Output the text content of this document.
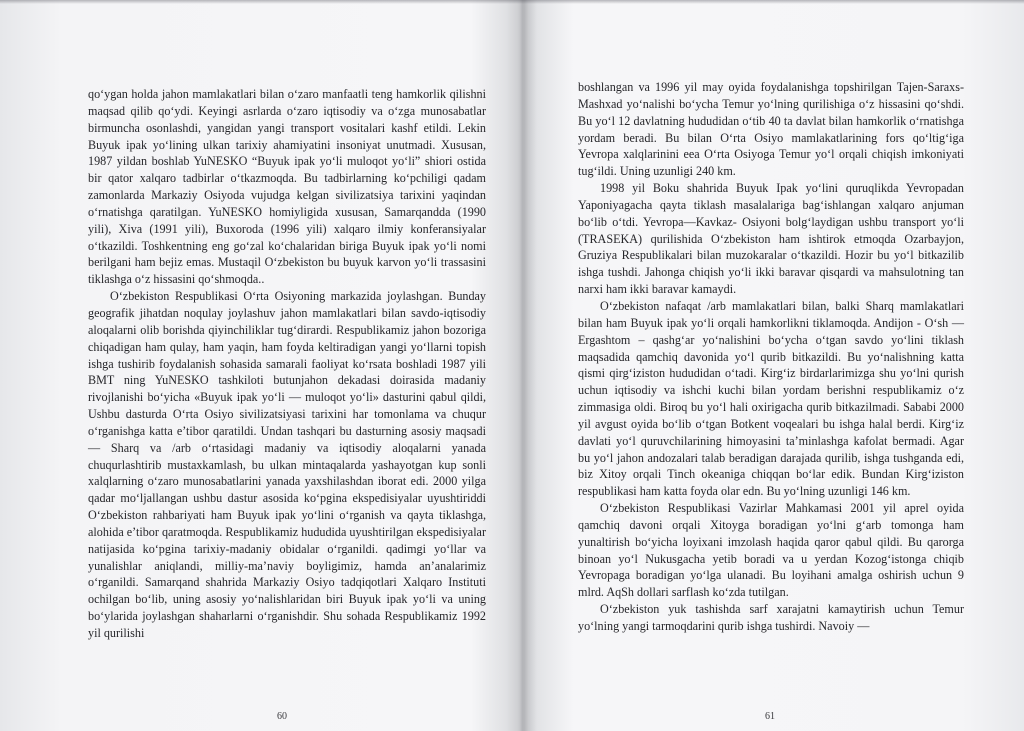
qo‘ygan holda jahon mamlakatlari bilan o‘zaro manfaatli teng hamkorlik qilishni maqsad qilib qo‘ydi. Keyingi asrlarda o‘zaro iqtisodiy va o‘zga munosabatlar birmuncha osonlashdi, yangidan yangi transport vositalari kashf etildi. Lekin Buyuk ipak yo‘lining ulkan tarixiy ahamiyatini insoniyat unutmadi. Xususan, 1987 yildan boshlab YuNESKO “Buyuk ipak yo‘li muloqot yo‘li” shiori ostida bir qator xalqaro tadbirlar o‘tkazmoqda. Bu tadbirlarning ko‘pchiligi qadam zamonlarda Markaziy Osiyoda vujudga kelgan sivilizatsiya tarixini yaqindan o‘rnatishga qaratilgan. YuNESKO homiyligida xususan, Samarqandda (1990 yili), Xiva (1991 yili), Buxoroda (1996 yili) xalqaro ilmiy konferansiyalar o‘tkazildi. Toshkentning eng go‘zal ko‘chalaridan biriga Buyuk ipak yo‘li nomi berilgani ham bejiz emas. Mustaqil O‘zbekiston bu buyuk karvon yo‘li trassasini tiklashga o‘z hissasini qo‘shmoqda..

O‘zbekiston Respublikasi O‘rta Osiyoning markazida joylashgan. Bunday geografik jihatdan noqulay joylashuv jahon mamlakatlari bilan savdo-iqtisodiy aloqalarni olib borishda qiyinchiliklar tug‘dirardi. Respublikamiz jahon bozoriga chiqadigan ham qulay, ham yaqin, ham foyda keltiradigan yangi yo‘llarni topish ishga tushirib foydalanish sohasida samarali faoliyat ko‘rsata boshladi 1987 yili BMT ning YuNESKO tashkiloti butunjahon dekadasi doirasida madaniy rivojlanishi bo‘yicha «Buyuk ipak yo‘li — muloqot yo‘li» dasturini qabul qildi, Ushbu dasturda O‘rta Osiyo sivilizatsiyasi tarixini har tomonlama va chuqur o‘rganishga katta e’tibor qaratildi. Undan tashqari bu dasturning asosiy maqsadi — Sharq va /arb o‘rtasidagi madaniy va iqtisodiy aloqalarni yanada chuqurlashtirib mustaxkamlash, bu ulkan mintaqalarda yashayotgan kup sonli xalqlarning o‘zaro munosabatlarini yanada yaxshilashdan iborat edi. 2000 yilga qadar mo‘ljallangan ushbu dastur asosida ko‘pgina ekspedisiyalar uyushtiriddi O‘zbekiston rahbariyati ham Buyuk ipak yo‘lini o‘rganish va qayta tiklashga, alohida e’tibor qaratmoqda. Respublikamiz hududida uyushtirilgan ekspedisiyalar natijasida ko‘pgina tarixiy-madaniy obidalar o‘rganildi. qadimgi yo‘llar va yunalishlar aniqlandi, milliy-ma’naviy boyligimiz, hamda an’analarimiz o‘rganildi. Samarqand shahrida Markaziy Osiyo tadqiqotlari Xalqaro Instituti ochilgan bo‘lib, uning asosiy yo‘nalishlaridan biri Buyuk ipak yo‘li va uning bo‘ylarida joylashgan shaharlarni o‘rganishdir. Shu sohada Respublikamiz 1992 yil qurilishi

60

boshlangan va 1996 yil may oyida foydalanishga topshirilgan Tajen-Saraxs-Mashxad yo‘nalishi bo‘ycha Temur yo‘lning qurilishiga o‘z hissasini qo‘shdi. Bu yo‘l 12 davlatning hududidan o‘tib 40 ta davlat bilan hamkorlik o‘rnatishga yordam beradi. Bu bilan O‘rta Osiyo mamlakatlarining fors qo‘ltig‘iga Yevropa xalqlarinini eea O‘rta Osiyoga Temur yo‘l orqali chiqish imkoniyati tug‘ildi. Uning uzunligi 240 km.

1998 yil Boku shahrida Buyuk Ipak yo‘lini quruqlikda Yevropadan Yaponiyagacha qayta tiklash masalalariga bag‘ishlangan xalqaro anjuman bo‘lib o‘tdi. Yevropa—Kavkaz- Osiyoni bolg‘laydigan ushbu transport yo‘li (TRASEKA) qurilishida O‘zbekiston ham ishtirok etmoqda Ozarbayjon, Gruziya Respublikalari bilan muzokaralar o‘tkazildi. Hozir bu yo‘l bitkazilib ishga tushdi. Jahonga chiqish yo‘li ikki baravar qisqardi va mahsulotning tan narxi ham ikki baravar kamaydi.

O‘zbekiston nafaqat /arb mamlakatlari bilan, balki Sharq mamlakatlari bilan ham Buyuk ipak yo‘li orqali hamkorlikni tiklamoqda. Andijon - O‘sh — Ergashtom – qashg‘ar yo‘nalishini bo‘ycha o‘tgan savdo yo‘lini tiklash maqsadida qamchiq davonida yo‘l qurib bitkazildi. Bu yo‘nalishning katta qismi qirg‘iziston hududidan o‘tadi. Kirg‘iz birdarlarimizga shu yo‘lni qurish uchun iqtisodiy va ishchi kuchi bilan yordam berishni respublikamiz o‘z zimmasiga oldi. Biroq bu yo‘l hali oxirigacha qurib bitkazilmadi. Sababi 2000 yil avgust oyida bo‘lib o‘tgan Botkent voqealari bu ishga halal berdi. Kirg‘iz davlati yo‘l quruvchilarining himoyasini ta’minlashga kafolat bermadi. Agar bu yo‘l jahon andozalari talab beradigan darajada qurilib, ishga tushganda edi, biz Xitoy orqali Tinch okeaniga chiqqan bo‘lar edik. Bundan Kirg‘iziston respublikasi ham katta foyda olar edn. Bu yo‘lning uzunligi 146 km.

O‘zbekiston Respublikasi Vazirlar Mahkamasi 2001 yil aprel oyida qamchiq davoni orqali Xitoyga boradigan yo‘lni g‘arb tomonga ham yunaltirish bo‘yicha loyixani imzolash haqida qaror qabul qildi. Bu qarorga binoan yo‘l Nukusgacha yetib boradi va u yerdan Kozog‘istonga chiqib Yevropaga boradigan yo‘lga ulanadi. Bu loyihani amalga oshirish uchun 9 mlrd. AqSh dollari sarflash ko‘zda tutilgan.

O‘zbekiston yuk tashishda sarf xarajatni kamaytirish uchun Temur yo‘lning yangi tarmoqdarini qurib ishga tushirdi. Navoiy —

61
